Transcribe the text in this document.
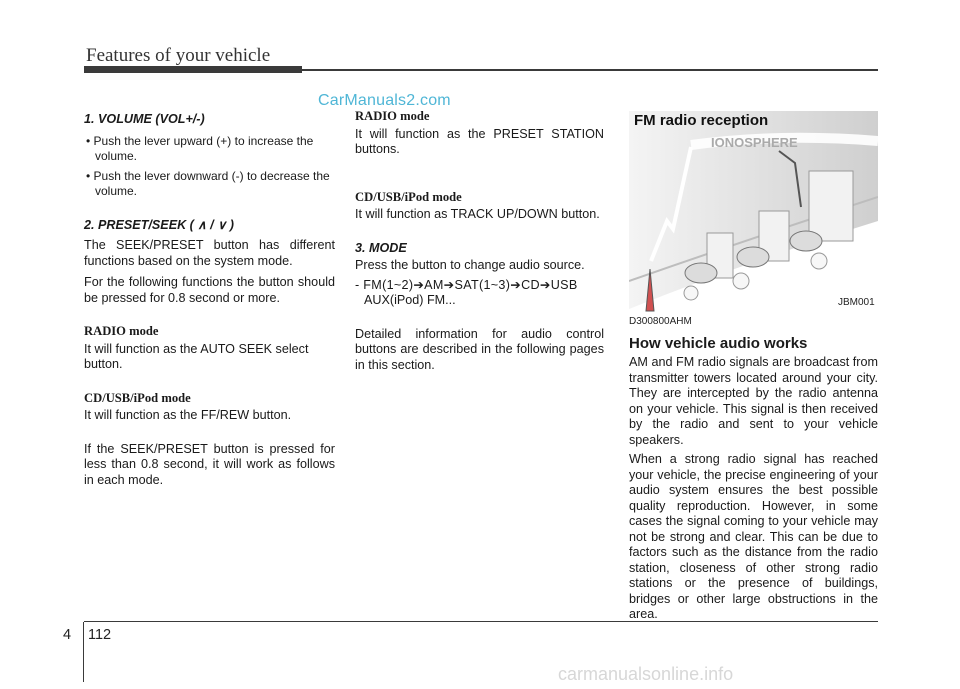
Features of your vehicle
CarManuals2.com

1. VOLUME (VOL+/-)

• Push the lever upward (+) to increase the volume.

• Push the lever downward (-) to decrease the volume.

2. PRESET/SEEK ( ∧ / ∨ )

The SEEK/PRESET button has different functions based on the system mode.

For the following functions the button should be pressed for 0.8 second or more.

RADIO mode

It will function as the AUTO SEEK select button.

CD/USB/iPod mode

It will function as the FF/REW button.

If the SEEK/PRESET button is pressed for less than 0.8 second, it will work as follows in each mode.

RADIO mode

It will function as the PRESET STATION buttons.

CD/USB/iPod mode

It will function as TRACK UP/DOWN button.

3. MODE

Press the button to change audio source.

- FM(1~2)➔AM➔SAT(1~3)➔CD➔USB

AUX(iPod) FM...

Detailed information for audio control buttons are described in the following pages in this section.

IONOSPHERE
FM radio reception
JBM001

D300800AHM

How vehicle audio works

AM and FM radio signals are broadcast from transmitter towers located around your city. They are intercepted by the radio antenna on your vehicle. This signal is then received by the radio and sent to your vehicle speakers.

When a strong radio signal has reached your vehicle, the precise engineering of your audio system ensures the best possible quality reproduction. However, in some cases the signal coming to your vehicle may not be strong and clear. This can be due to factors such as the distance from the radio station, closeness of other strong radio stations or the presence of buildings, bridges or other large obstructions in the area.

4 112
carmanualsonline.info
